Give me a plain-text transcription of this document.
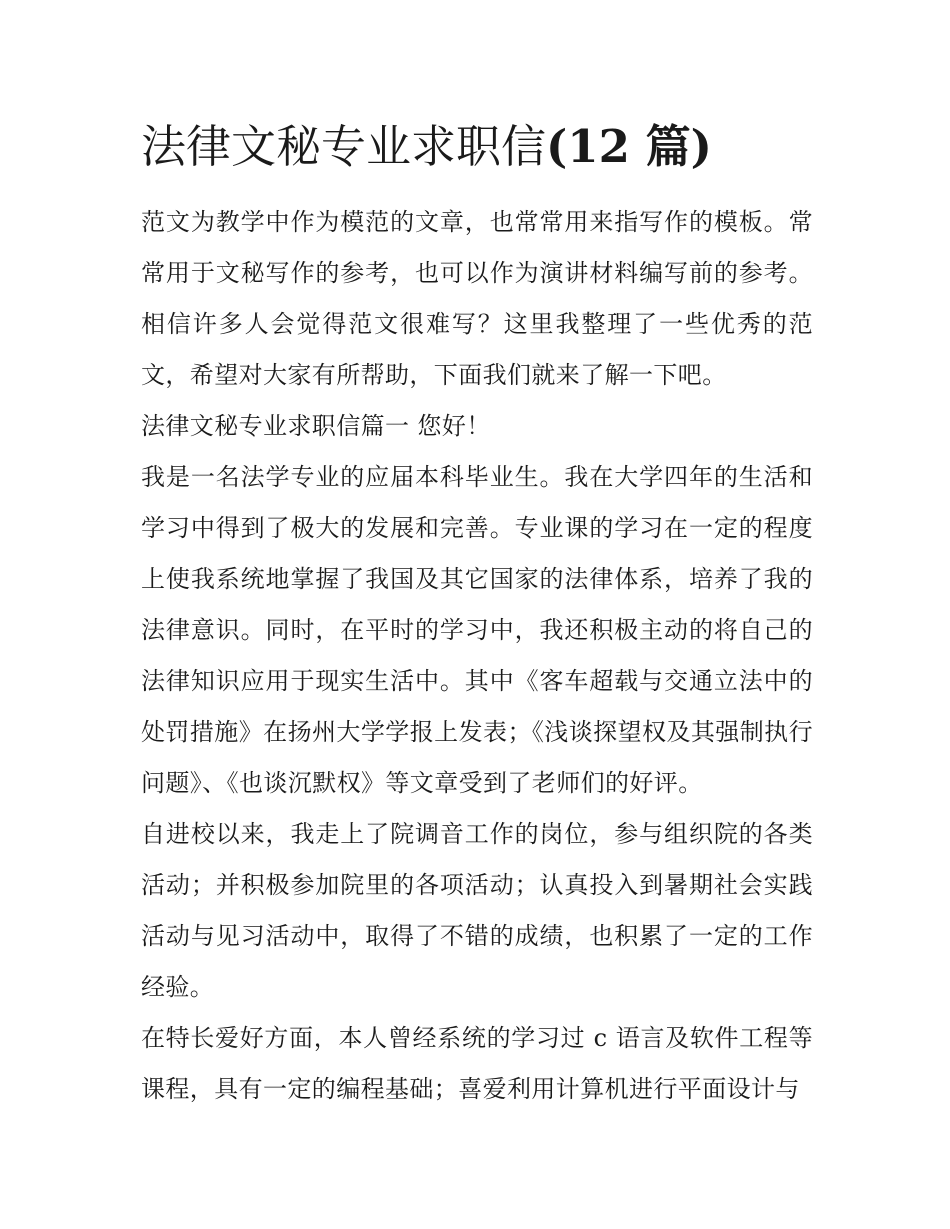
法律文秘专业求职信(12 篇)

范文为教学中作为模范的文章，也常常用来指写作的模板。常常用于文秘写作的参考，也可以作为演讲材料编写前的参考。相信许多人会觉得范文很难写？这里我整理了一些优秀的范文，希望对大家有所帮助，下面我们就来了解一下吧。

法律文秘专业求职信篇一 您好！

我是一名法学专业的应届本科毕业生。我在大学四年的生活和学习中得到了极大的发展和完善。专业课的学习在一定的程度上使我系统地掌握了我国及其它国家的法律体系，培养了我的法律意识。同时，在平时的学习中，我还积极主动的将自己的法律知识应用于现实生活中。其中《客车超载与交通立法中的处罚措施》在扬州大学学报上发表；《浅谈探望权及其强制执行问题》、《也谈沉默权》等文章受到了老师们的好评。

自进校以来，我走上了院调音工作的岗位，参与组织院的各类活动；并积极参加院里的各项活动；认真投入到暑期社会实践活动与见习活动中，取得了不错的成绩，也积累了一定的工作经验。

在特长爱好方面，本人曾经系统的学习过 c 语言及软件工程等课程，具有一定的编程基础；喜爱利用计算机进行平面设计与
